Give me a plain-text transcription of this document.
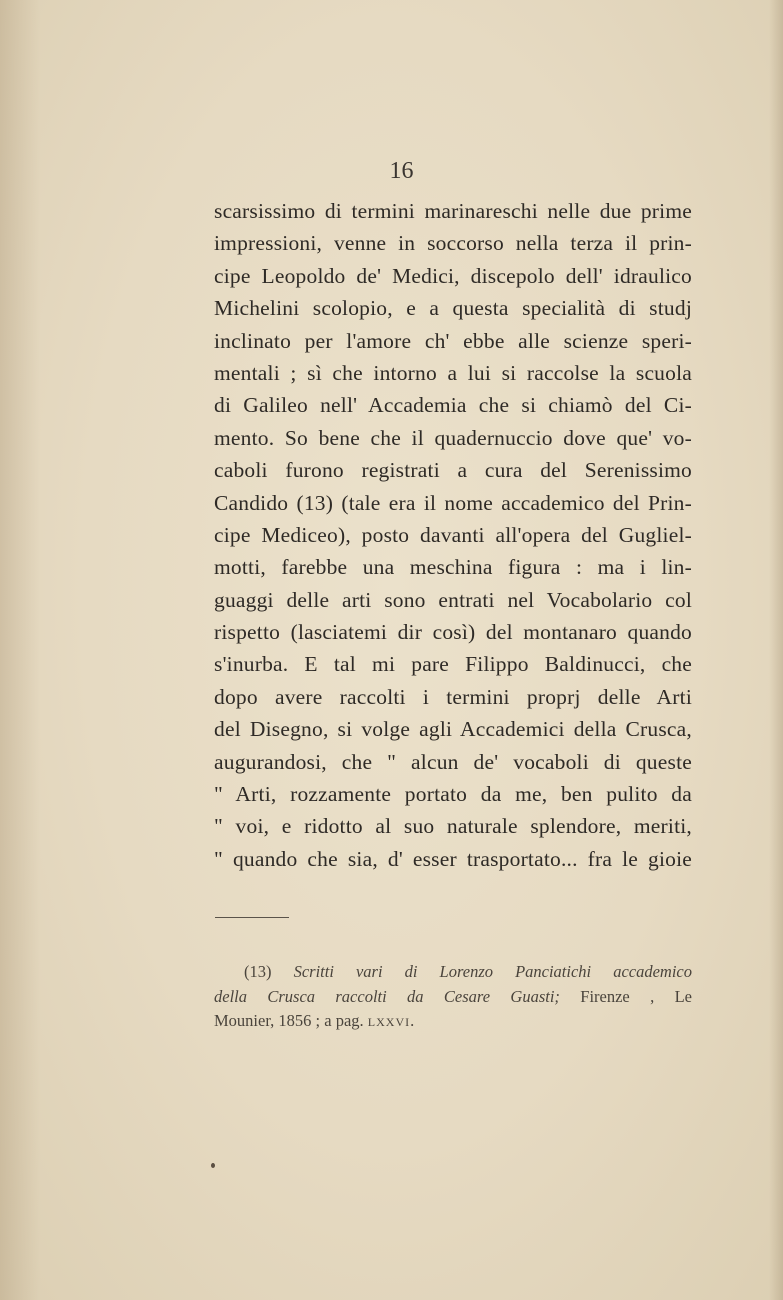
16
scarsissimo di termini marinareschi nelle due prime
impressioni, venne in soccorso nella terza il prin-
cipe Leopoldo de' Medici, discepolo dell' idraulico
Michelini scolopio, e a questa specialità di studj
inclinato per l'amore ch' ebbe alle scienze speri-
mentali ; sì che intorno a lui si raccolse la scuola
di Galileo nell' Accademia che si chiamò del Ci-
mento. So bene che il quadernuccio dove que' vo-
caboli furono registrati a cura del Serenissimo
Candido (13) (tale era il nome accademico del Prin-
cipe Mediceo), posto davanti all'opera del Gugliel-
motti, farebbe una meschina figura : ma i lin-
guaggi delle arti sono entrati nel Vocabolario col
rispetto (lasciatemi dir così) del montanaro quando
s'inurba. E tal mi pare Filippo Baldinucci, che
dopo avere raccolti i termini proprj delle Arti
del Disegno, si volge agli Accademici della Crusca,
augurandosi, che " alcun de' vocaboli di queste
" Arti, rozzamente portato da me, ben pulito da
" voi, e ridotto al suo naturale splendore, meriti,
" quando che sia, d' esser trasportato... fra le gioie
(13) Scritti vari di Lorenzo Panciatichi accademico
della Crusca raccolti da Cesare Guasti; Firenze , Le
Mounier, 1856 ; a pag. lxxvi.
